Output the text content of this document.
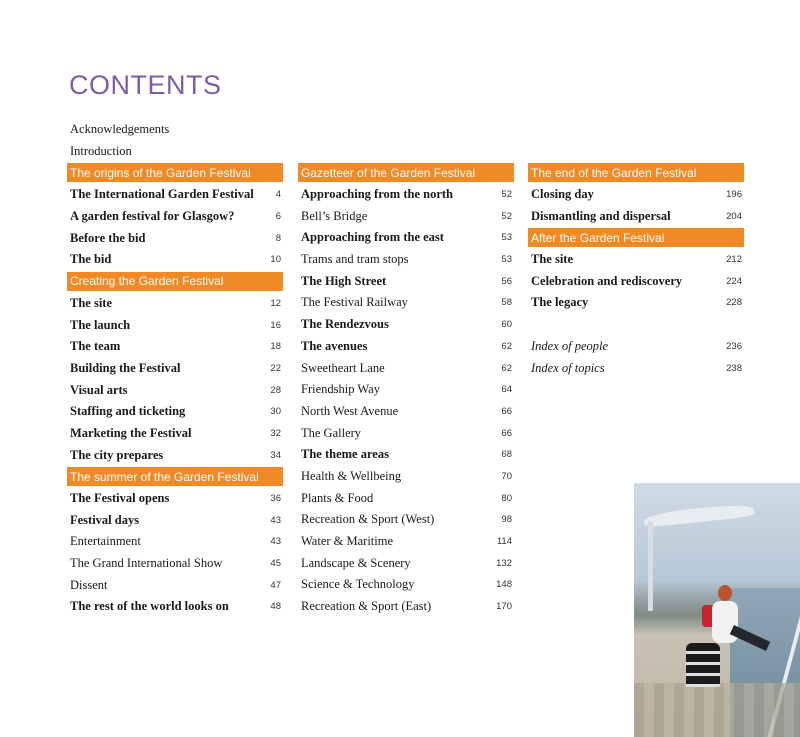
CONTENTS
Acknowledgements
Introduction
The origins of the Garden Festival
The International Garden Festival 4
A garden festival for Glasgow?	6
Before the bid	8
The bid	10
Creating the Garden Festival
The site	12
The launch	16
The team	18
Building the Festival	22
Visual arts	28
Staffing and ticketing	30
Marketing the Festival	32
The city prepares	34
The summer of the Garden Festival
The Festival opens	36
Festival days	43
Entertainment	43
The Grand International Show	45
Dissent	47
The rest of the world looks on	48
Gazetteer of the Garden Festival
Approaching from the north	52
Bell’s Bridge	52
Approaching from the east	53
Trams and tram stops	53
The High Street	56
The Festival Railway	58
The Rendezvous	60
The avenues	62
Sweetheart Lane	62
Friendship Way	64
North West Avenue	66
The Gallery	66
The theme areas	68
Health & Wellbeing	70
Plants & Food	80
Recreation & Sport (West)	98
Water & Maritime	114
Landscape & Scenery	132
Science & Technology	148
Recreation & Sport (East)	170
The end of the Garden Festival
Closing day	196
Dismantling and dispersal	204
After the Garden Festival
The site	212
Celebration and rediscovery	224
The legacy	228
Index of people	236
Index of topics	238
